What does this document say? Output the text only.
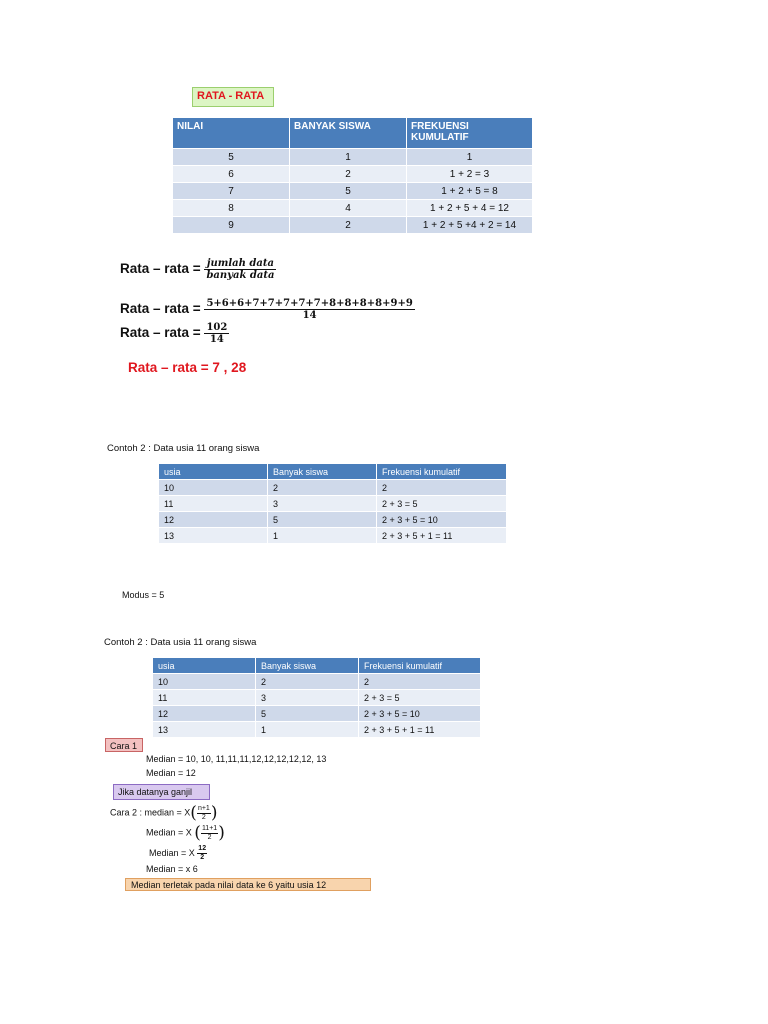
RATA - RATA
NILAI	BANYAK SISWA	FREKUENSI KUMULATIF
5	1	1
6	2	1 + 2 = 3
7	5	1 + 2 + 5 = 8
8	4	1 + 2 + 5 + 4 = 12
9	2	1 + 2 + 5 +4 + 2 = 14
Rata – rata = $\frac{\text{jumlah data}}{\text{banyak data}}$
Rata – rata = $\frac{5+6+6+7+7+7+7+7+8+8+8+8+9+9}{14}$
Rata – rata = $\frac{102}{14}$
Rata – rata = 7 , 28
Contoh 2 : Data usia 11 orang siswa
usia	Banyak siswa	Frekuensi kumulatif
10	2	2
11	3	2 + 3 = 5
12	5	2 + 3 + 5 = 10
13	1	2 + 3 + 5 + 1 = 11
Modus = 5
Contoh 2 : Data usia 11 orang siswa
usia	Banyak siswa	Frekuensi kumulatif
10	2	2
11	3	2 + 3 = 5
12	5	2 + 3 + 5 = 10
13	1	2 + 3 + 5 + 1 = 11
Cara 1
Median = 10, 10, 11,11,11,12,12,12,12,12, 13
Median = 12
Jika datanya ganjil
Cara 2 : median = $X( \frac{n+1}{2}$ )
Median = X ( $\frac{11+1}{2}$ )
Median = X $\frac{12}{2}$
Median = x 6
Median terletak pada nilai data ke 6 yaitu usia 12
